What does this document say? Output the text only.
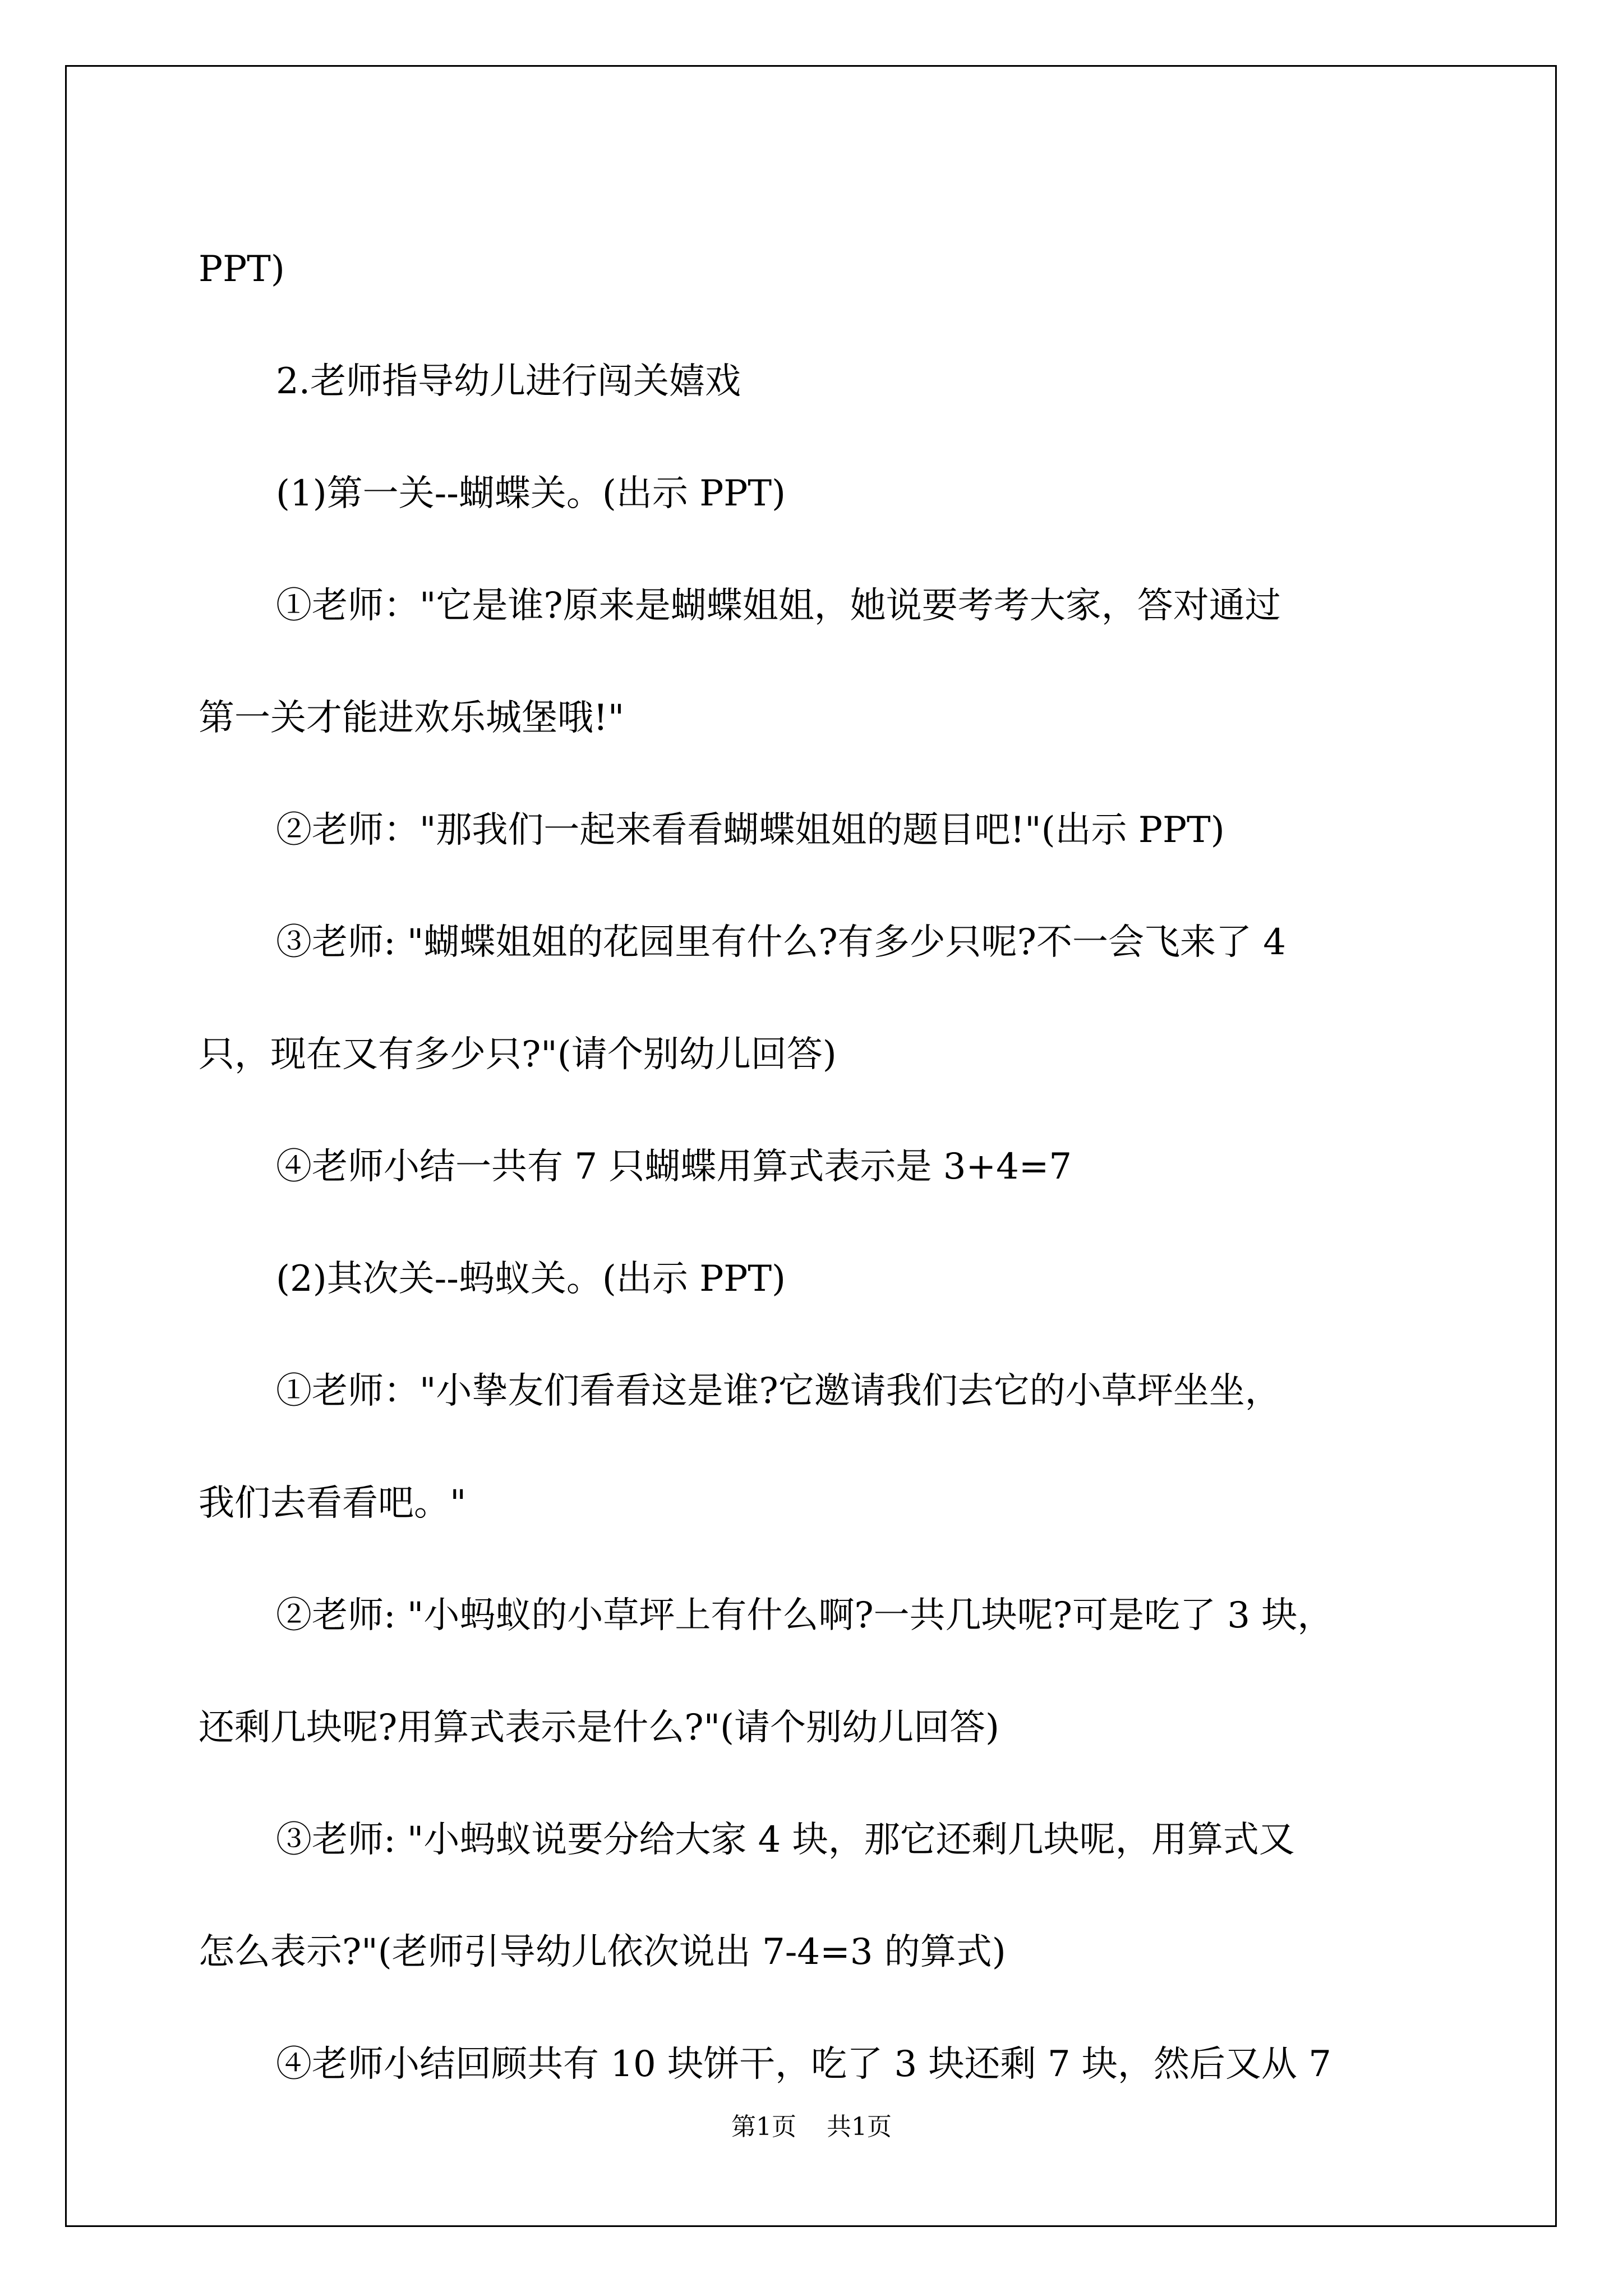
PPT)
2.老师指导幼儿进行闯关嬉戏
(1)第一关--蝴蝶关。(出示 PPT)
①老师："它是谁?原来是蝴蝶姐姐，她说要考考大家，答对通过
第一关才能进欢乐城堡哦!"
②老师："那我们一起来看看蝴蝶姐姐的题目吧!"(出示 PPT)
③老师: "蝴蝶姐姐的花园里有什么?有多少只呢?不一会飞来了 4
只，现在又有多少只?"(请个别幼儿回答)
④老师小结一共有 7 只蝴蝶用算式表示是 3+4=7
(2)其次关--蚂蚁关。(出示 PPT)
①老师："小挚友们看看这是谁?它邀请我们去它的小草坪坐坐，
我们去看看吧。"
②老师: "小蚂蚁的小草坪上有什么啊?一共几块呢?可是吃了 3 块，
还剩几块呢?用算式表示是什么?"(请个别幼儿回答)
③老师: "小蚂蚁说要分给大家 4 块，那它还剩几块呢，用算式又
怎么表示?"(老师引导幼儿依次说出 7-4=3 的算式)
④老师小结回顾共有 10 块饼干，吃了 3 块还剩 7 块，然后又从 7
第1页 共1页
